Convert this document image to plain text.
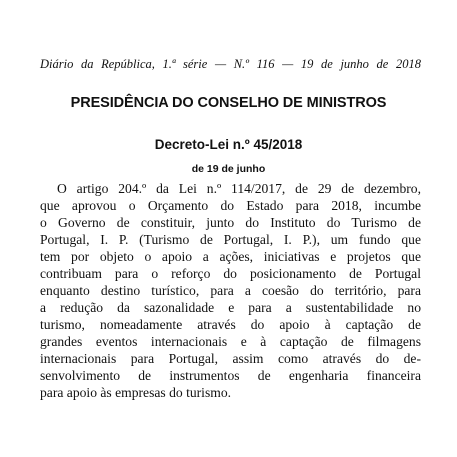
Diário da República, 1.ª série — N.º 116 — 19 de junho de 2018
PRESIDÊNCIA DO CONSELHO DE MINISTROS
Decreto-Lei n.º 45/2018
de 19 de junho
O artigo 204.º da Lei n.º 114/2017, de 29 de dezembro,
que aprovou o Orçamento do Estado para 2018, incumbe
o Governo de constituir, junto do Instituto do Turismo de
Portugal, I. P. (Turismo de Portugal, I. P.), um fundo que
tem por objeto o apoio a ações, iniciativas e projetos que
contribuam para o reforço do posicionamento de Portugal
enquanto destino turístico, para a coesão do território, para
a redução da sazonalidade e para a sustentabilidade no
turismo, nomeadamente através do apoio à captação de
grandes eventos internacionais e à captação de filmagens
internacionais para Portugal, assim como através do de-
senvolvimento de instrumentos de engenharia financeira
para apoio às empresas do turismo.
